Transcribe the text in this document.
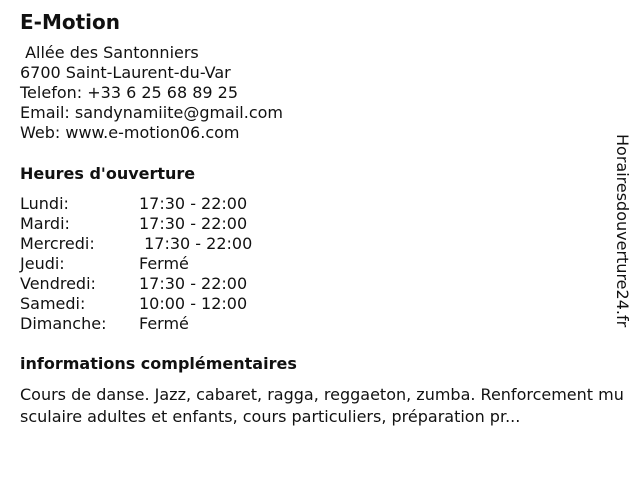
E-Motion
Allée des Santonniers
6700 Saint-Laurent-du-Var
Telefon: +33 6 25 68 89 25
Email: sandynamiite@gmail.com
Web: www.e-motion06.com
Heures d'ouverture
Lundi:	17:30 - 22:00
Mardi:	17:30 - 22:00
Mercredi:	17:30 - 22:00
Jeudi:	Fermé
Vendredi:	17:30 - 22:00
Samedi:	10:00 - 12:00
Dimanche:	Fermé
informations complémentaires
Cours de danse. Jazz, cabaret, ragga, reggaeton, zumba. Renforcement musculaire adultes et enfants, cours particuliers, préparation pr...
Horairesdouverture24.fr
